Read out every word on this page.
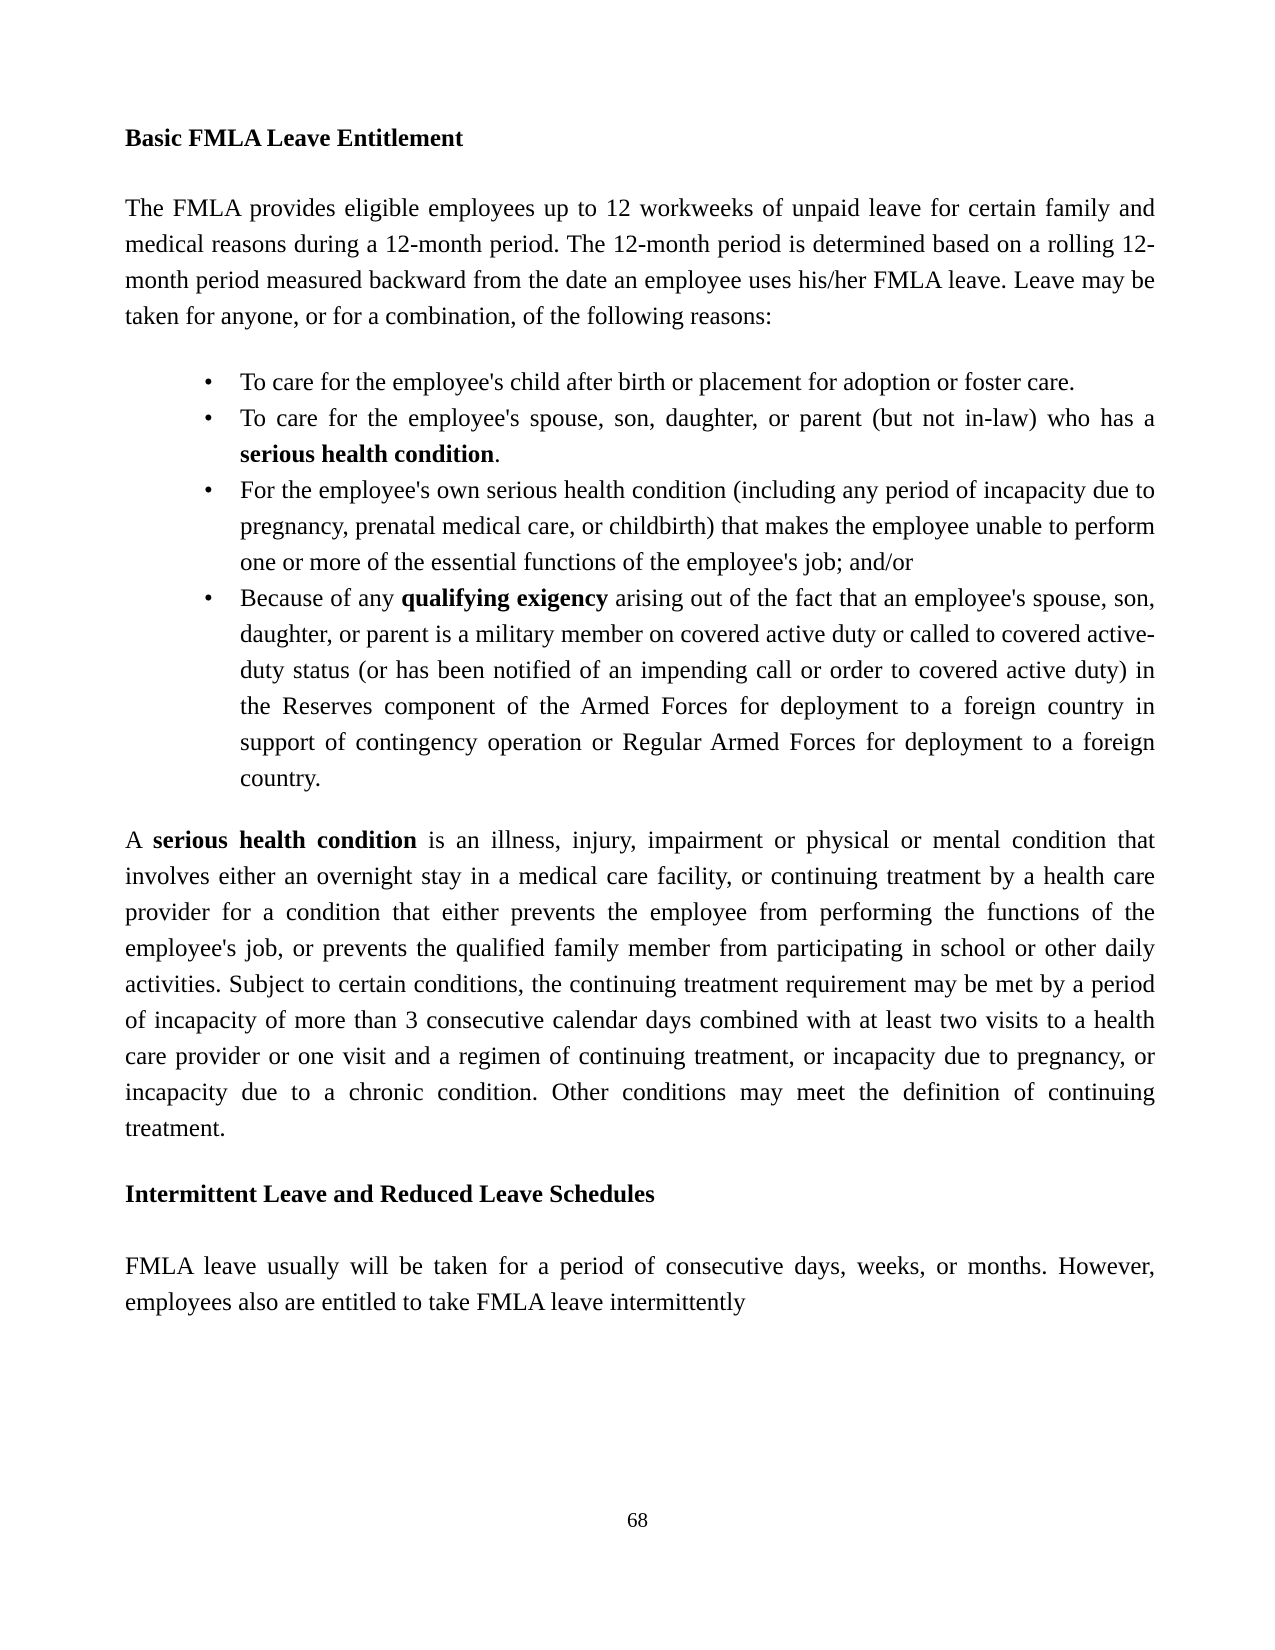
Basic FMLA Leave Entitlement

The FMLA provides eligible employees up to 12 workweeks of unpaid leave for certain family and medical reasons during a 12-month period. The 12-month period is determined based on a rolling 12-month period measured backward from the date an employee uses his/her FMLA leave. Leave may be taken for anyone, or for a combination, of the following reasons:

• To care for the employee's child after birth or placement for adoption or foster care.
• To care for the employee's spouse, son, daughter, or parent (but not in-law) who has a serious health condition.
• For the employee's own serious health condition (including any period of incapacity due to pregnancy, prenatal medical care, or childbirth) that makes the employee unable to perform one or more of the essential functions of the employee's job; and/or
• Because of any qualifying exigency arising out of the fact that an employee's spouse, son, daughter, or parent is a military member on covered active duty or called to covered active-duty status (or has been notified of an impending call or order to covered active duty) in the Reserves component of the Armed Forces for deployment to a foreign country in support of contingency operation or Regular Armed Forces for deployment to a foreign country.

A serious health condition is an illness, injury, impairment or physical or mental condition that involves either an overnight stay in a medical care facility, or continuing treatment by a health care provider for a condition that either prevents the employee from performing the functions of the employee's job, or prevents the qualified family member from participating in school or other daily activities. Subject to certain conditions, the continuing treatment requirement may be met by a period of incapacity of more than 3 consecutive calendar days combined with at least two visits to a health care provider or one visit and a regimen of continuing treatment, or incapacity due to pregnancy, or incapacity due to a chronic condition. Other conditions may meet the definition of continuing treatment.

Intermittent Leave and Reduced Leave Schedules

FMLA leave usually will be taken for a period of consecutive days, weeks, or months. However, employees also are entitled to take FMLA leave intermittently

68
